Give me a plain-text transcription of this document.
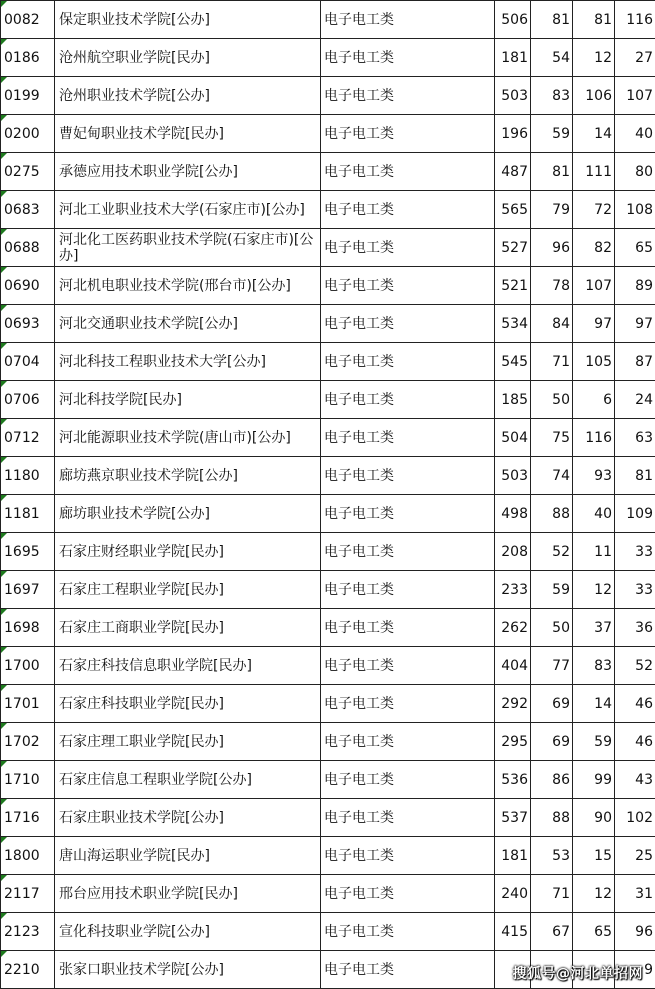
0082	保定职业技术学院[公办]	电子电工类	506	81	81	116
0186	沧州航空职业学院[民办]	电子电工类	181	54	12	27
0199	沧州职业技术学院[公办]	电子电工类	503	83	106	107
0200	曹妃甸职业技术学院[民办]	电子电工类	196	59	14	40
0275	承德应用技术职业学院[公办]	电子电工类	487	81	111	80
0683	河北工业职业技术大学(石家庄市)[公办]	电子电工类	565	79	72	108
0688	河北化工医药职业技术学院(石家庄市)[公办]	电子电工类	527	96	82	65
0690	河北机电职业技术学院(邢台市)[公办]	电子电工类	521	78	107	89
0693	河北交通职业技术学院[公办]	电子电工类	534	84	97	97
0704	河北科技工程职业技术大学[公办]	电子电工类	545	71	105	87
0706	河北科技学院[民办]	电子电工类	185	50	6	24
0712	河北能源职业技术学院(唐山市)[公办]	电子电工类	504	75	116	63
1180	廊坊燕京职业技术学院[公办]	电子电工类	503	74	93	81
1181	廊坊职业技术学院[公办]	电子电工类	498	88	40	109
1695	石家庄财经职业学院[民办]	电子电工类	208	52	11	33
1697	石家庄工程职业学院[民办]	电子电工类	233	59	12	33
1698	石家庄工商职业学院[民办]	电子电工类	262	50	37	36
1700	石家庄科技信息职业学院[民办]	电子电工类	404	77	83	52
1701	石家庄科技职业学院[民办]	电子电工类	292	69	14	46
1702	石家庄理工职业学院[民办]	电子电工类	295	69	59	46
1710	石家庄信息工程职业学院[公办]	电子电工类	536	86	99	43
1716	石家庄职业技术学院[公办]	电子电工类	537	88	90	102
1800	唐山海运职业学院[民办]	电子电工类	181	53	15	25
2117	邢台应用技术职业学院[民办]	电子电工类	240	71	12	31
2123	宣化科技职业学院[公办]	电子电工类	415	67	65	96
2210	张家口职业技术学院[公办]	电子电工类				9
搜狐号@河北单招网
